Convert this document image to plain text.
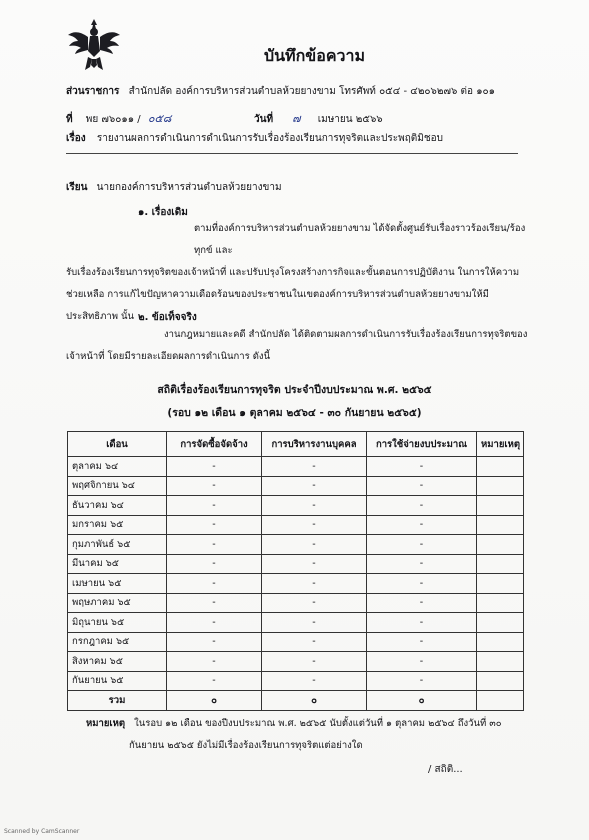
บันทึกข้อความ
ส่วนราชการ สำนักปลัด องค์การบริหารส่วนตำบลห้วยยางขาม โทรศัพท์ ๐๕๔ - ๔๒๐๖๒๗๖ ต่อ ๑๐๑
ที่ พย ๗๖๐๑๑ / ๐๕๘	วันที่ ๗ เมษายน ๒๕๖๖
เรื่อง รายงานผลการดำเนินการดำเนินการรับเรื่องร้องเรียนการทุจริตและประพฤติมิชอบ
เรียน นายกองค์การบริหารส่วนตำบลห้วยยางขาม
๑. เรื่องเดิม
ตามที่องค์การบริหารส่วนตำบลห้วยยางขาม ได้จัดตั้งศูนย์รับเรื่องราวร้องเรียน/ร้องทุกข์ และ
รับเรื่องร้องเรียนการทุจริตของเจ้าหน้าที่ และปรับปรุงโครงสร้างการกิจและขั้นตอนการปฏิบัติงาน ในการให้ความ
ช่วยเหลือ การแก้ไขปัญหาความเดือดร้อนของประชาชนในเขตองค์การบริหารส่วนตำบลห้วยยางขามให้มี
ประสิทธิภาพ นั้น ๒. ข้อเท็จจริง
งานกฎหมายและคดี สำนักปลัด ได้ติดตามผลการดำเนินการรับเรื่องร้องเรียนการทุจริตของ
เจ้าหน้าที่ โดยมีรายละเอียดผลการดำเนินการ ดังนี้
สถิติเรื่องร้องเรียนการทุจริต ประจำปีงบประมาณ พ.ศ. ๒๕๖๕
(รอบ ๑๒ เดือน ๑ ตุลาคม ๒๕๖๔ - ๓๐ กันยายน ๒๕๖๕)
เดือน	การจัดซื้อจัดจ้าง	การบริหารงานบุคคล	การใช้จ่ายงบประมาณ	หมายเหตุ
ตุลาคม ๖๔	-	-	-	
พฤศจิกายน ๖๔	-	-	-	
ธันวาคม ๖๔	-	-	-	
มกราคม ๖๕	-	-	-	
กุมภาพันธ์ ๖๕	-	-	-	
มีนาคม ๖๕	-	-	-	
เมษายน ๖๕	-	-	-	
พฤษภาคม ๖๕	-	-	-	
มิถุนายน ๖๕	-	-	-	
กรกฎาคม ๖๕	-	-	-	
สิงหาคม ๖๕	-	-	-	
กันยายน ๖๕	-	-	-	
รวม	๐	๐	๐	
หมายเหตุ ในรอบ ๑๒ เดือน ของปีงบประมาณ พ.ศ. ๒๕๖๕ นับตั้งแต่วันที่ ๑ ตุลาคม ๒๕๖๔ ถึงวันที่ ๓๐
กันยายน ๒๕๖๕ ยังไม่มีเรื่องร้องเรียนการทุจริตแต่อย่างใด
/ สถิติ...
Scanned by CamScanner
